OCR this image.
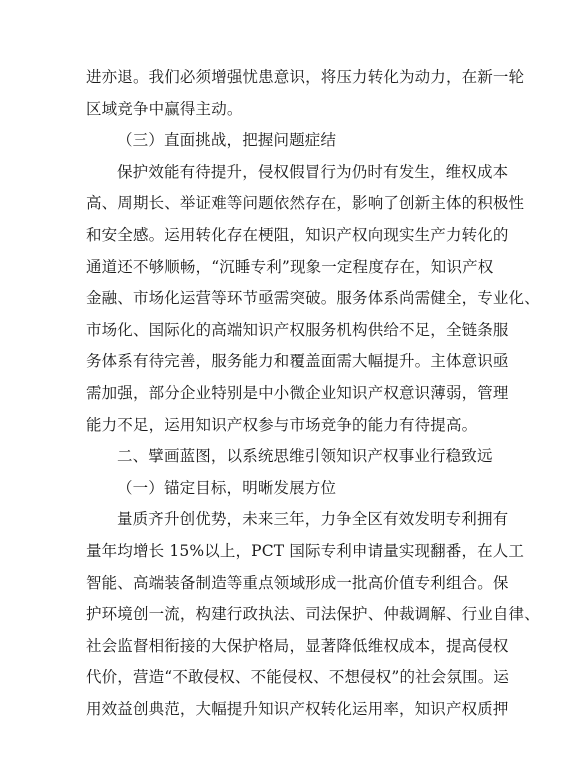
进亦退。我们必须增强忧患意识，将压力转化为动力，在新一轮
区域竞争中赢得主动。
（三）直面挑战，把握问题症结
保护效能有待提升，侵权假冒行为仍时有发生，维权成本
高、周期长、举证难等问题依然存在，影响了创新主体的积极性
和安全感。运用转化存在梗阻，知识产权向现实生产力转化的
通道还不够顺畅，“沉睡专利”现象一定程度存在，知识产权
金融、市场化运营等环节亟需突破。服务体系尚需健全，专业化、
市场化、国际化的高端知识产权服务机构供给不足，全链条服
务体系有待完善，服务能力和覆盖面需大幅提升。主体意识亟
需加强，部分企业特别是中小微企业知识产权意识薄弱，管理
能力不足，运用知识产权参与市场竞争的能力有待提高。
二、擘画蓝图，以系统思维引领知识产权事业行稳致远
（一）锚定目标，明晰发展方位
量质齐升创优势，未来三年，力争全区有效发明专利拥有
量年均增长 15%以上，PCT 国际专利申请量实现翻番，在人工
智能、高端装备制造等重点领域形成一批高价值专利组合。保
护环境创一流，构建行政执法、司法保护、仲裁调解、行业自律、
社会监督相衔接的大保护格局，显著降低维权成本，提高侵权
代价，营造“不敢侵权、不能侵权、不想侵权”的社会氛围。运
用效益创典范，大幅提升知识产权转化运用率，知识产权质押
